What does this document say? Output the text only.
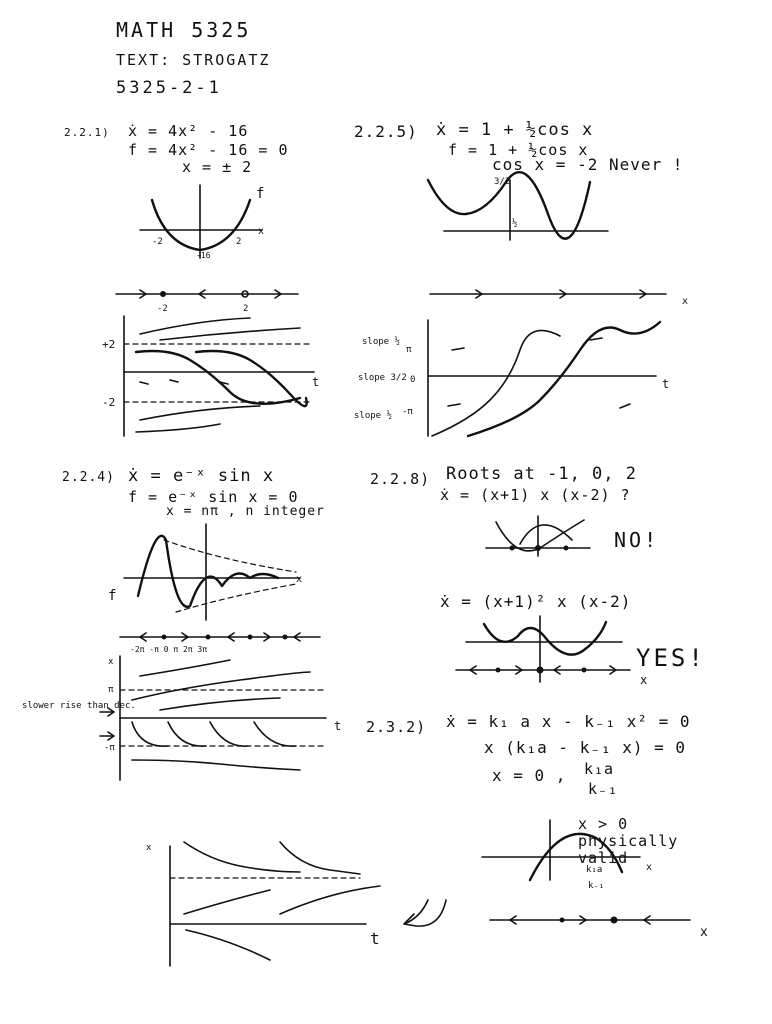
MATH 5325
TEXT: STROGATZ
5325-2-1
2.2.1) ẋ = 4x² - 16
f = 4x² - 16 = 0
x = ± 2
2.2.5) ẋ = 1 + ½cos x
f = 1 + ½cos x
cos x = -2 Never !
2.2.4) ẋ = e⁻ˣ sin x
f = e⁻ˣ sin x = 0
x = nπ , n integer
2.2.8) Roots at -1, 0, 2
ẋ = (x+1) x (x-2) ?
NO!
ẋ = (x+1)² x (x-2)
YES!
2.3.2) ẋ = k₁ a x - k₋₁ x² = 0
x (k₁a - k₋₁ x) = 0
x = 0 , k₁a
k₋₁
x > 0 physically valid
f
x
-2	2
-16
-2	2
+2
-2
t
3/2
½
x
slope ½
π
slope 3/2 0
slope ½ -π
t
f
x
-2π -π 0 π 2π 3π
π
-π
x
t
slower rise than dec.
x
x
k₁a
k₋₁
x
x
t
